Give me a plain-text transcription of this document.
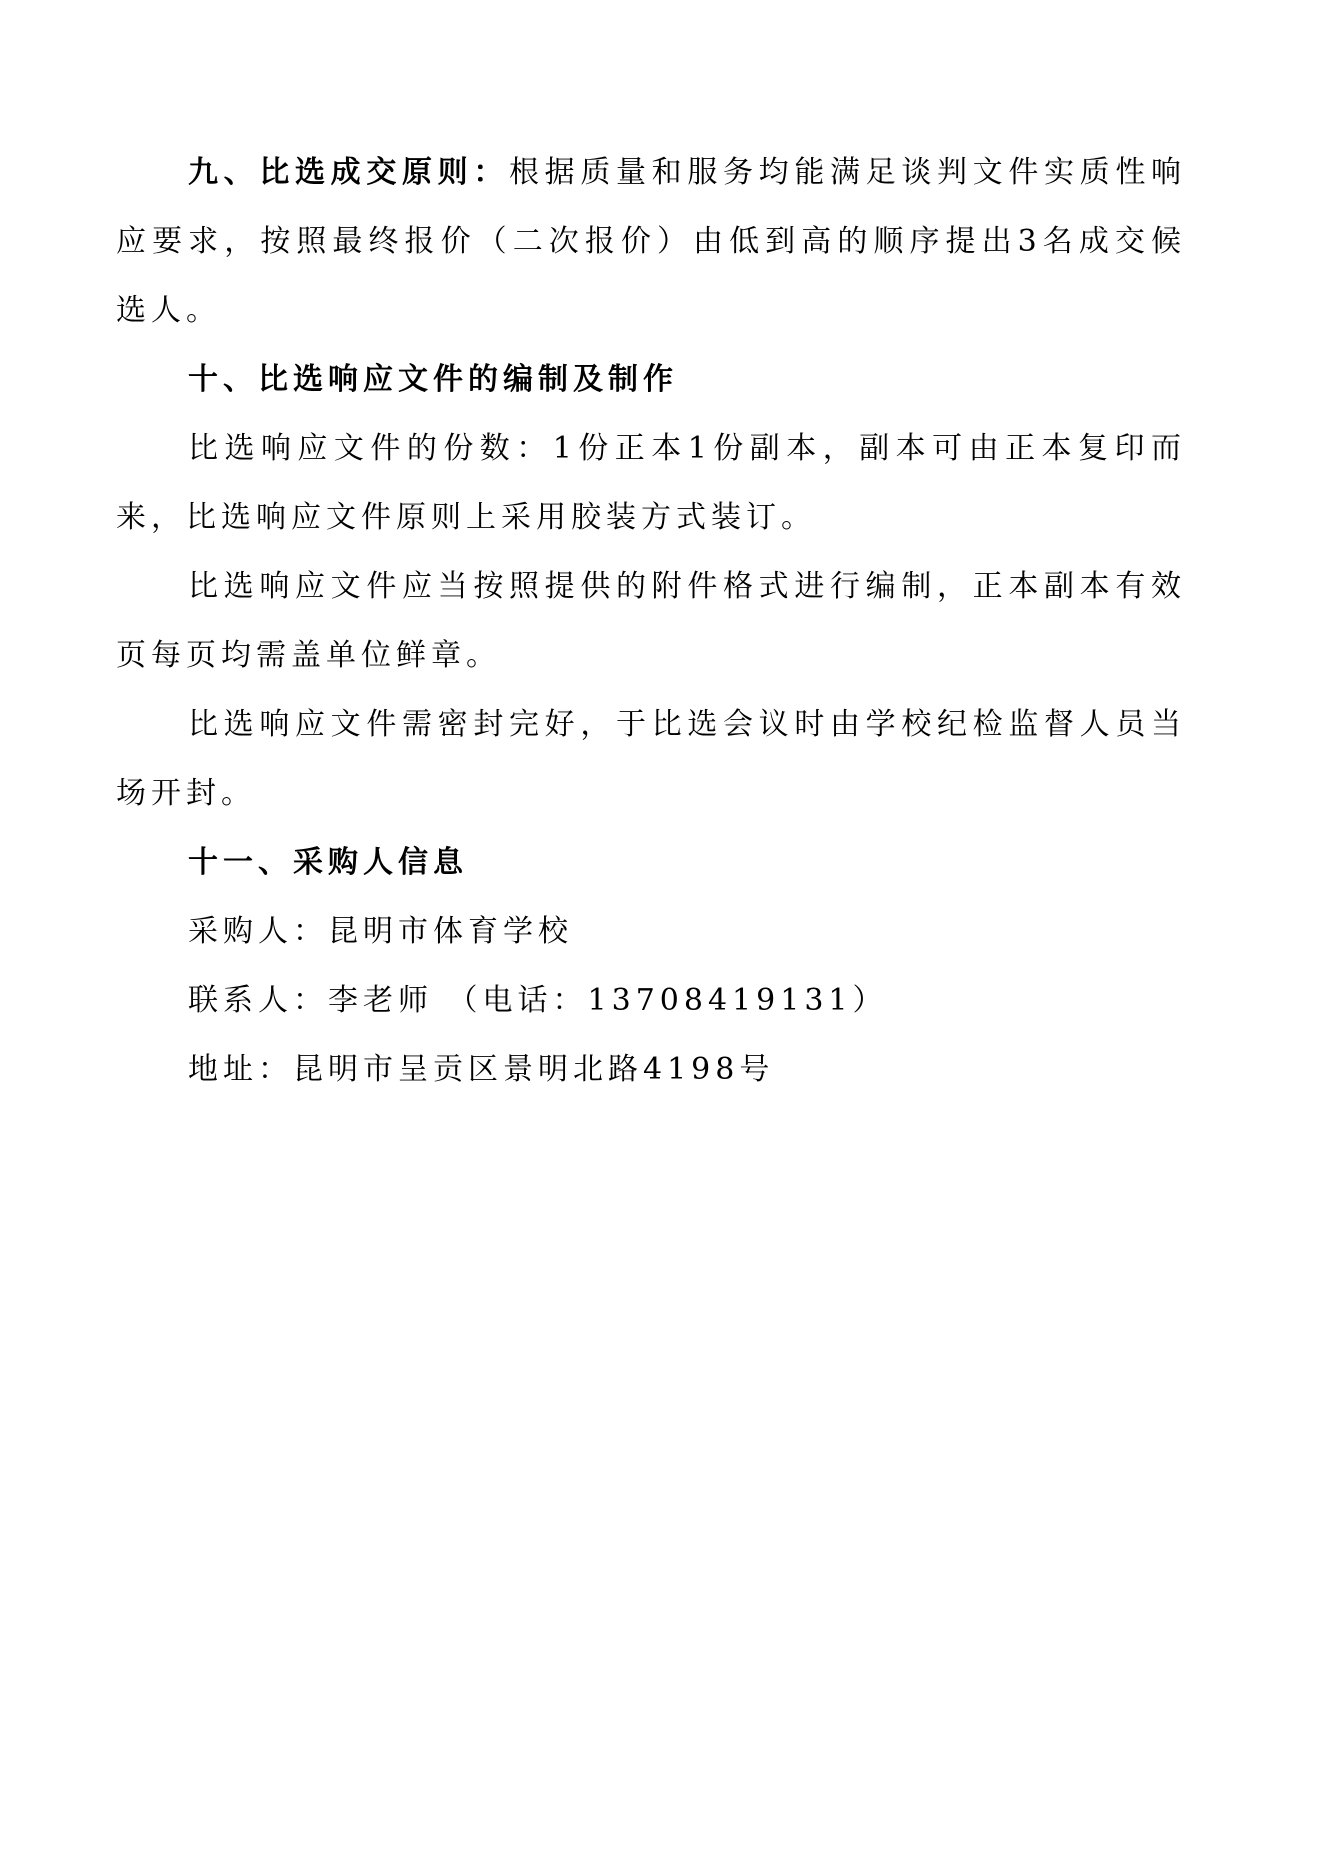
九、比选成交原则：根据质量和服务均能满足谈判文件实质性响应要求，按照最终报价（二次报价）由低到高的顺序提出3名成交候选人。

十、比选响应文件的编制及制作

比选响应文件的份数：1份正本1份副本，副本可由正本复印而来，比选响应文件原则上采用胶装方式装订。

比选响应文件应当按照提供的附件格式进行编制，正本副本有效页每页均需盖单位鲜章。

比选响应文件需密封完好，于比选会议时由学校纪检监督人员当场开封。

十一、采购人信息

采购人：昆明市体育学校

联系人：李老师 （电话：13708419131）

地址：昆明市呈贡区景明北路4198号
